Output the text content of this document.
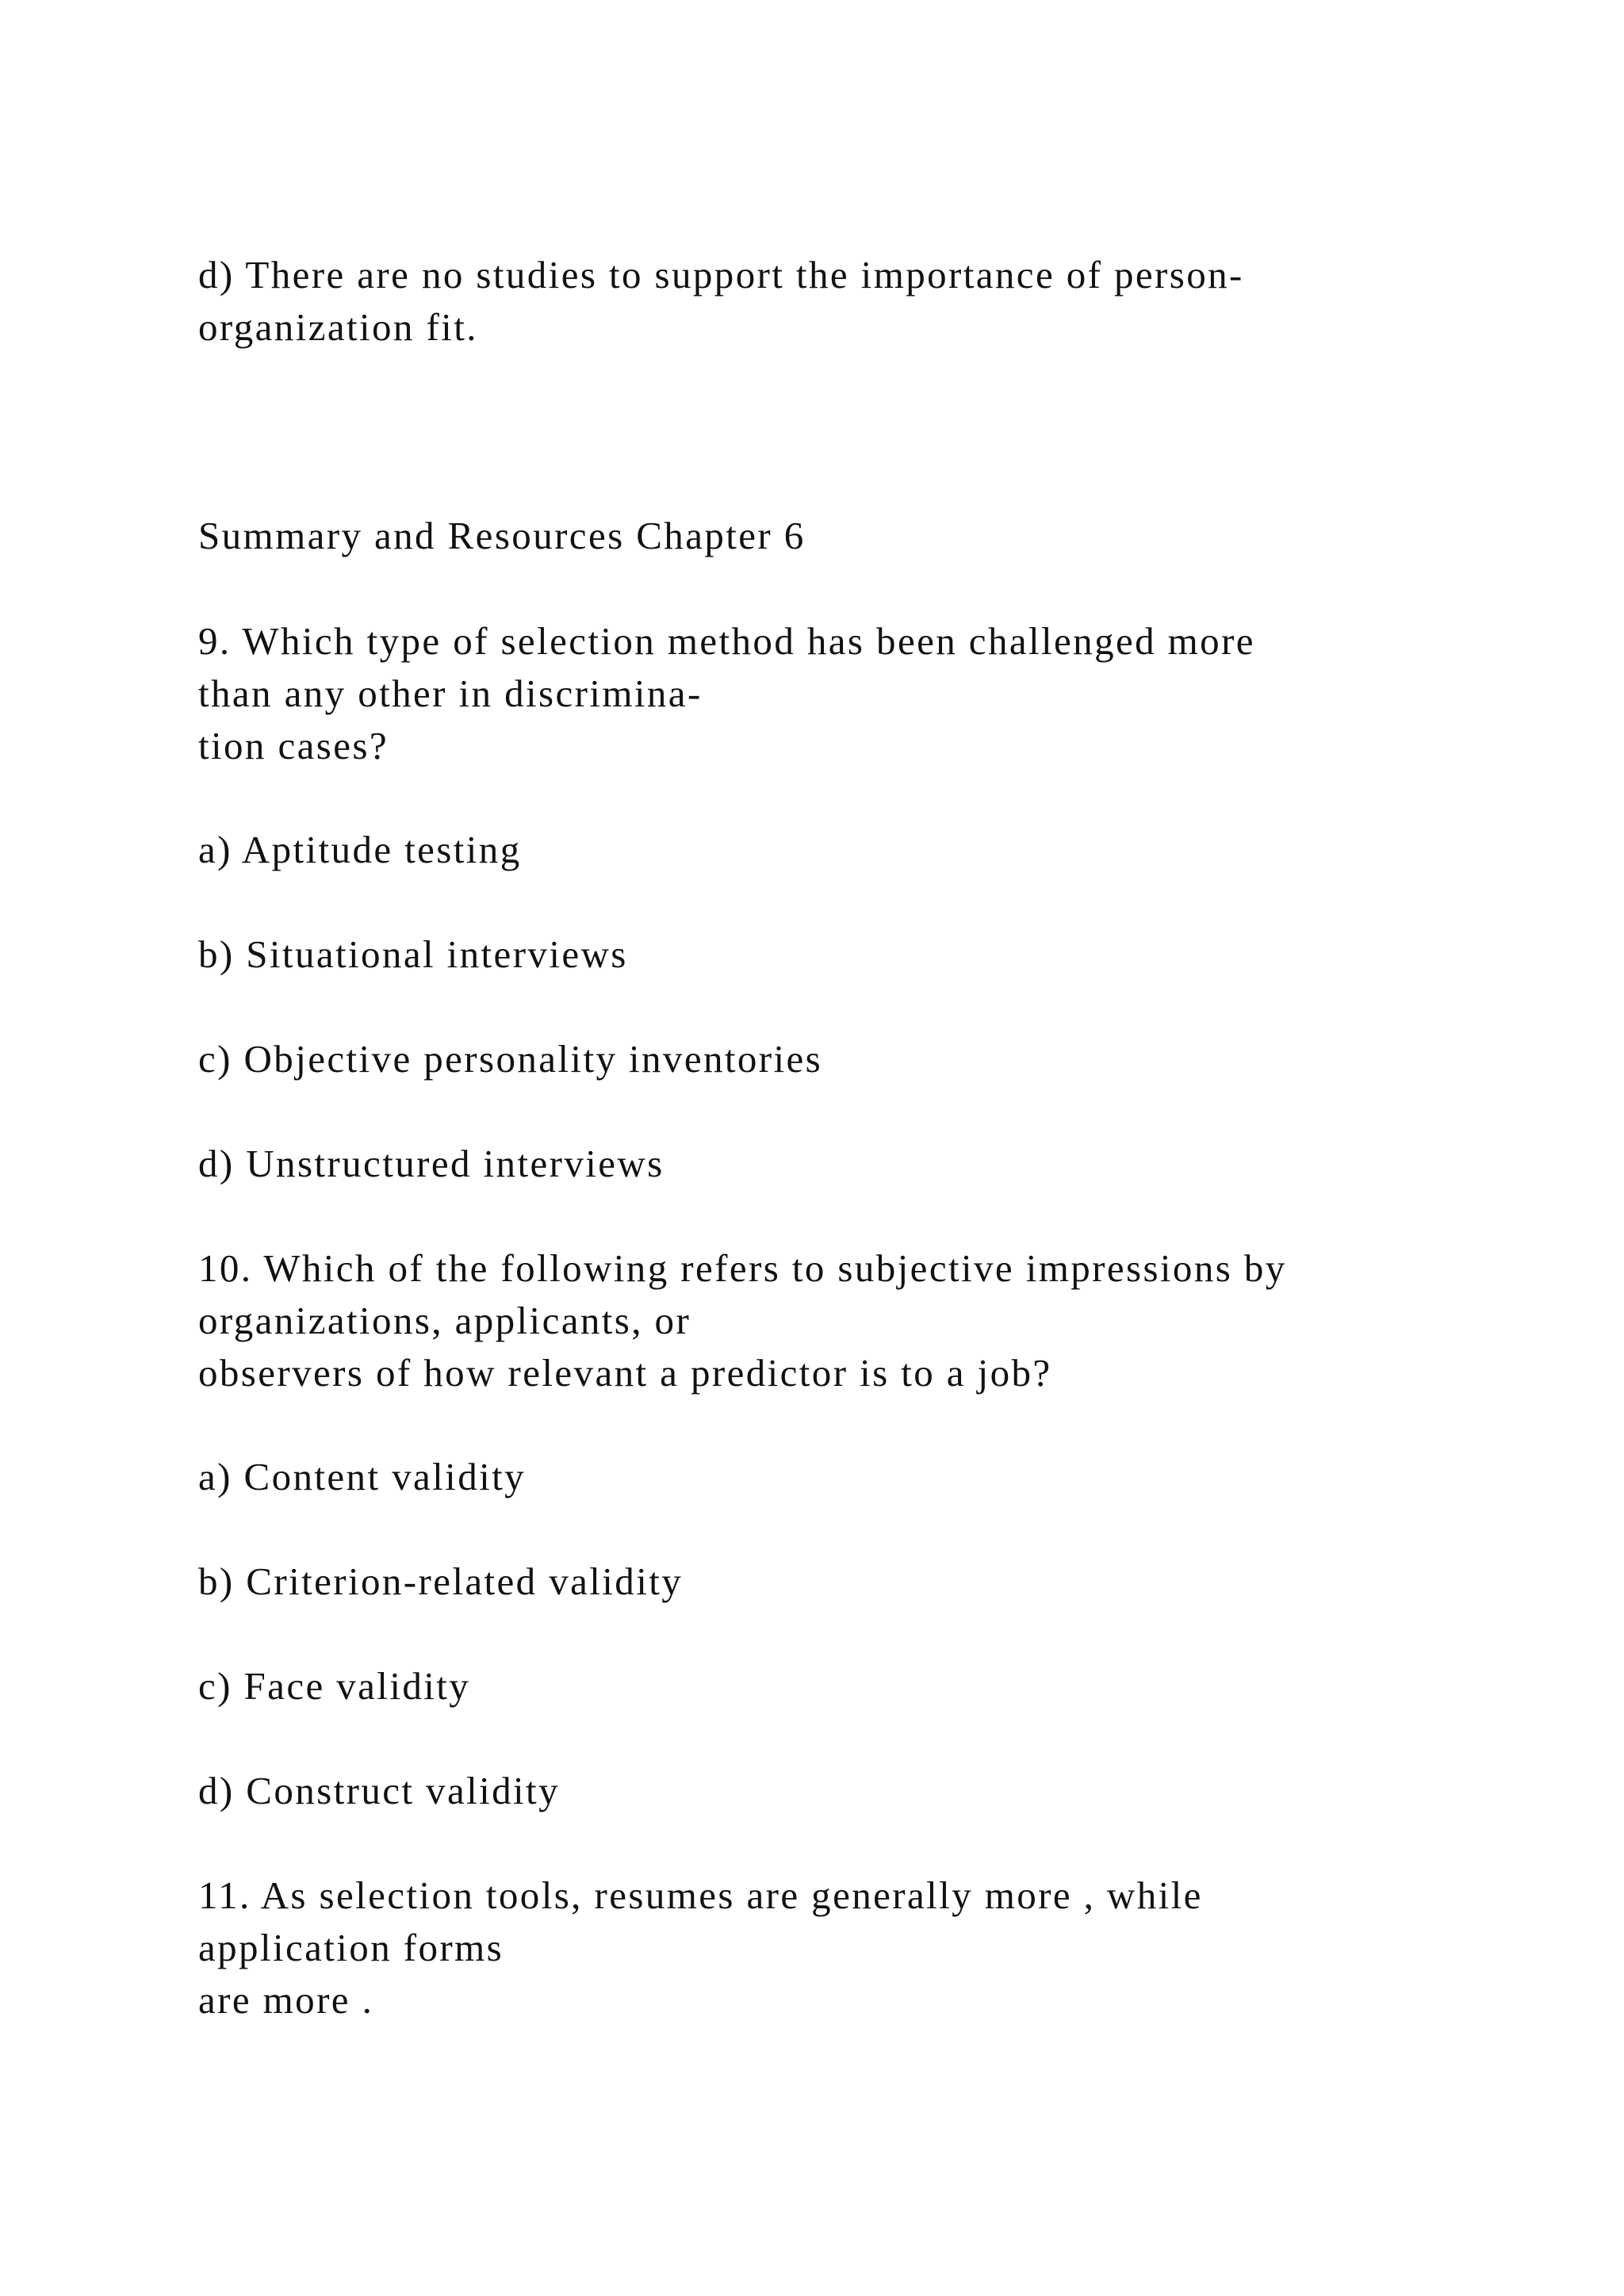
d) There are no studies to support the importance of person-

organization fit.

Summary and Resources Chapter 6

9. Which type of selection method has been challenged more

than any other in discrimina-

tion cases?

a) Aptitude testing

b) Situational interviews

c) Objective personality inventories

d) Unstructured interviews

10. Which of the following refers to subjective impressions by

organizations, applicants, or

observers of how relevant a predictor is to a job?

a) Content validity

b) Criterion-related validity

c) Face validity

d) Construct validity

11. As selection tools, resumes are generally more , while

application forms

are more .
